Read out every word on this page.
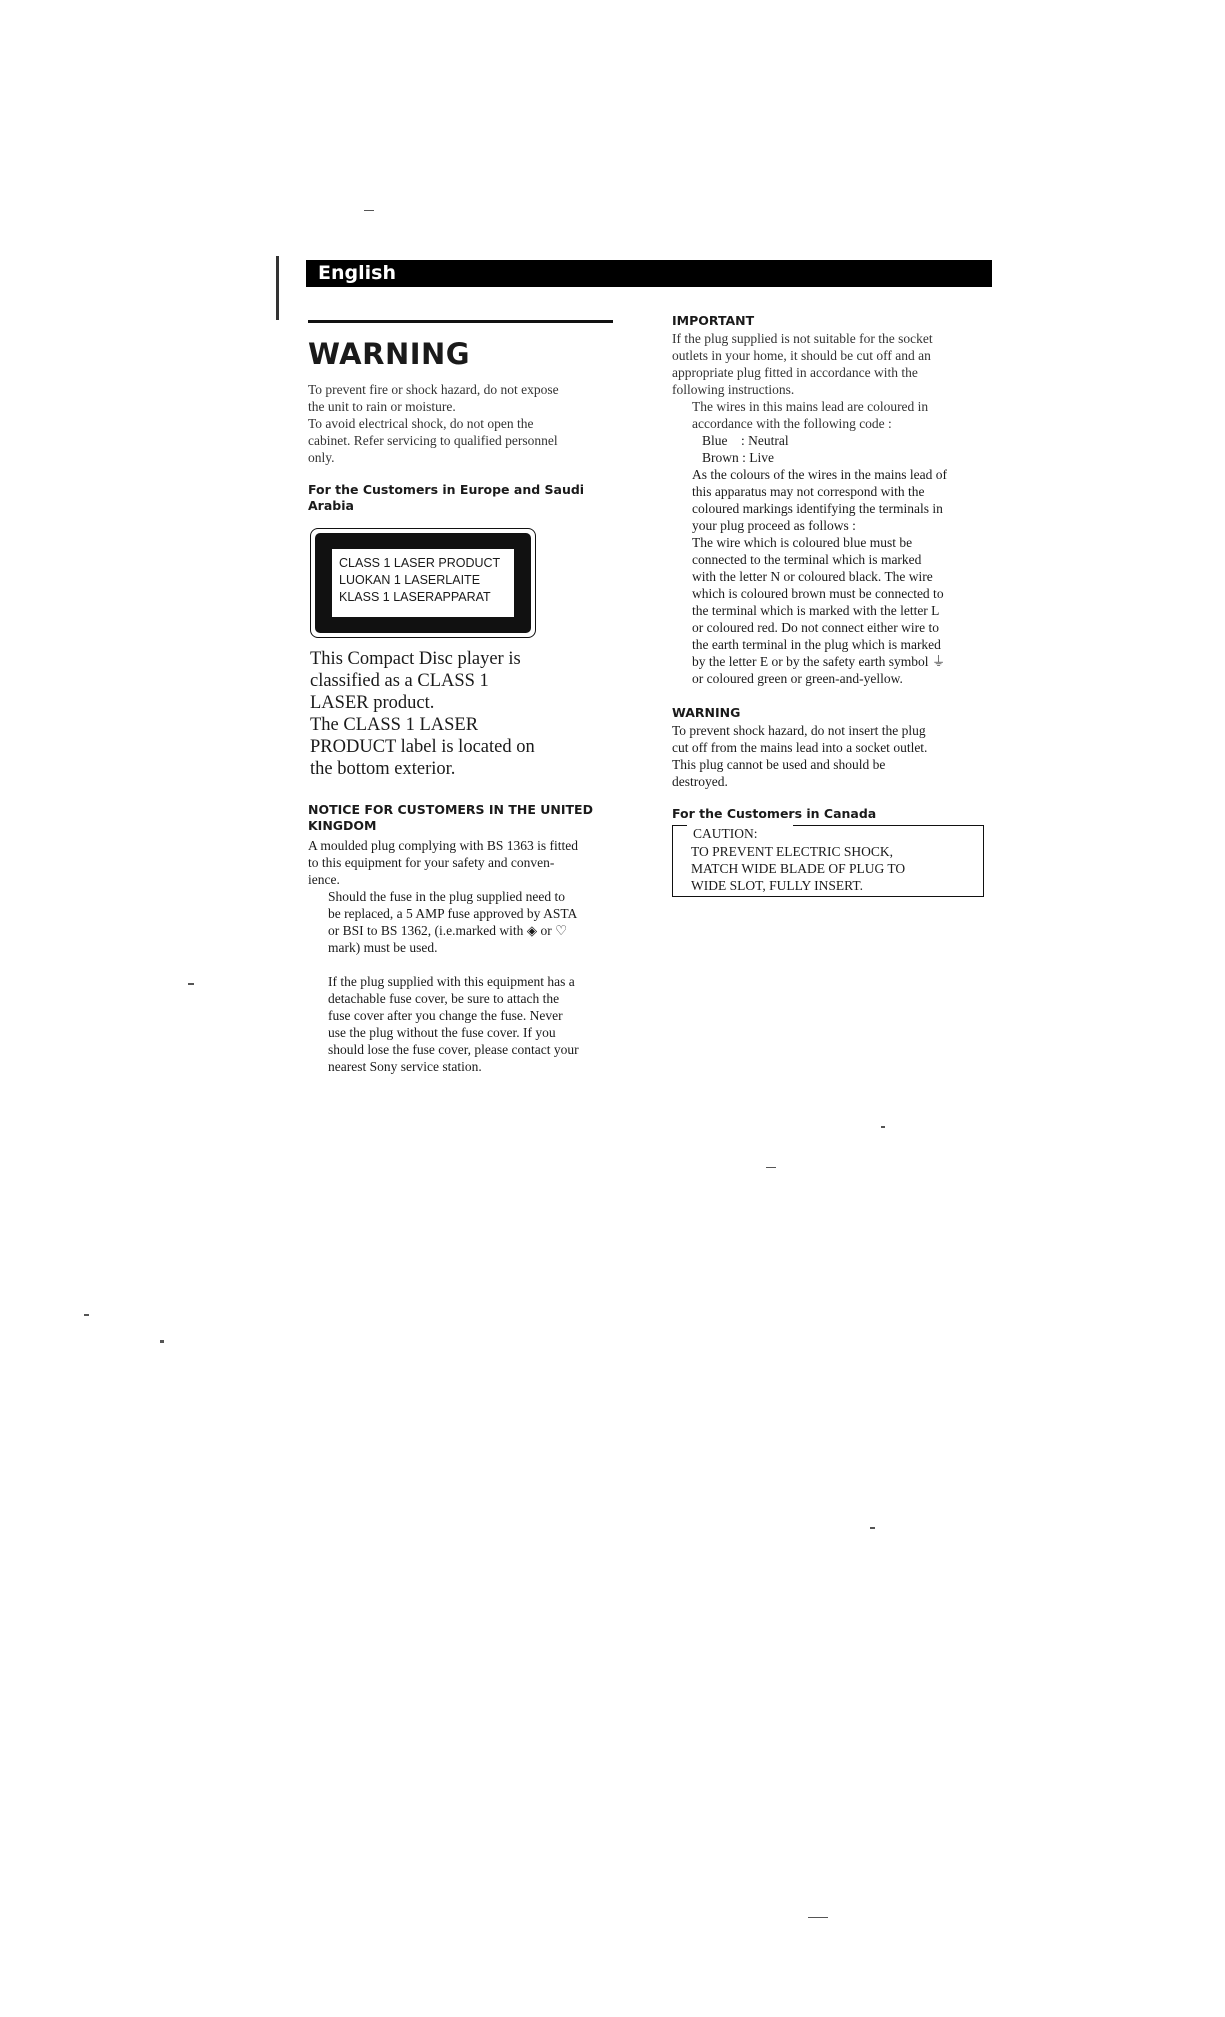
English
WARNING

To prevent fire or shock hazard, do not expose

the unit to rain or moisture.

To avoid electrical shock, do not open the

cabinet. Refer servicing to qualified personnel

only.

For the Customers in Europe and Saudi Arabia
CLASS 1 LASER PRODUCT
LUOKAN 1 LASERLAITE
KLASS 1 LASERAPPARAT
This Compact Disc player is
classified as a CLASS 1
LASER product.
The CLASS 1 LASER
PRODUCT label is located on
the bottom exterior.
NOTICE FOR CUSTOMERS IN THE UNITED
KINGDOM

A moulded plug complying with BS 1363 is fitted

to this equipment for your safety and conven-

ience.

Should the fuse in the plug supplied need to

be replaced, a 5 AMP fuse approved by ASTA

or BSI to BS 1362, (i.e.marked with ◈ or ♡

mark) must be used.

If the plug supplied with this equipment has a

detachable fuse cover, be sure to attach the

fuse cover after you change the fuse. Never

use the plug without the fuse cover. If you

should lose the fuse cover, please contact your

nearest Sony service station.

IMPORTANT

If the plug supplied is not suitable for the socket

outlets in your home, it should be cut off and an

appropriate plug fitted in accordance with the

following instructions.

The wires in this mains lead are coloured in

accordance with the following code :

Blue    : Neutral

Brown : Live

As the colours of the wires in the mains lead of

this apparatus may not correspond with the

coloured markings identifying the terminals in

your plug proceed as follows :

The wire which is coloured blue must be

connected to the terminal which is marked

with the letter N or coloured black. The wire

which is coloured brown must be connected to

the terminal which is marked with the letter L

or coloured red. Do not connect either wire to

the earth terminal in the plug which is marked

by the letter E or by the safety earth symbol ⏚

or coloured green or green-and-yellow.

WARNING

To prevent shock hazard, do not insert the plug

cut off from the mains lead into a socket outlet.

This plug cannot be used and should be

destroyed.

For the Customers in Canada

CAUTION:

TO PREVENT ELECTRIC SHOCK,

MATCH WIDE BLADE OF PLUG TO

WIDE SLOT, FULLY INSERT.
